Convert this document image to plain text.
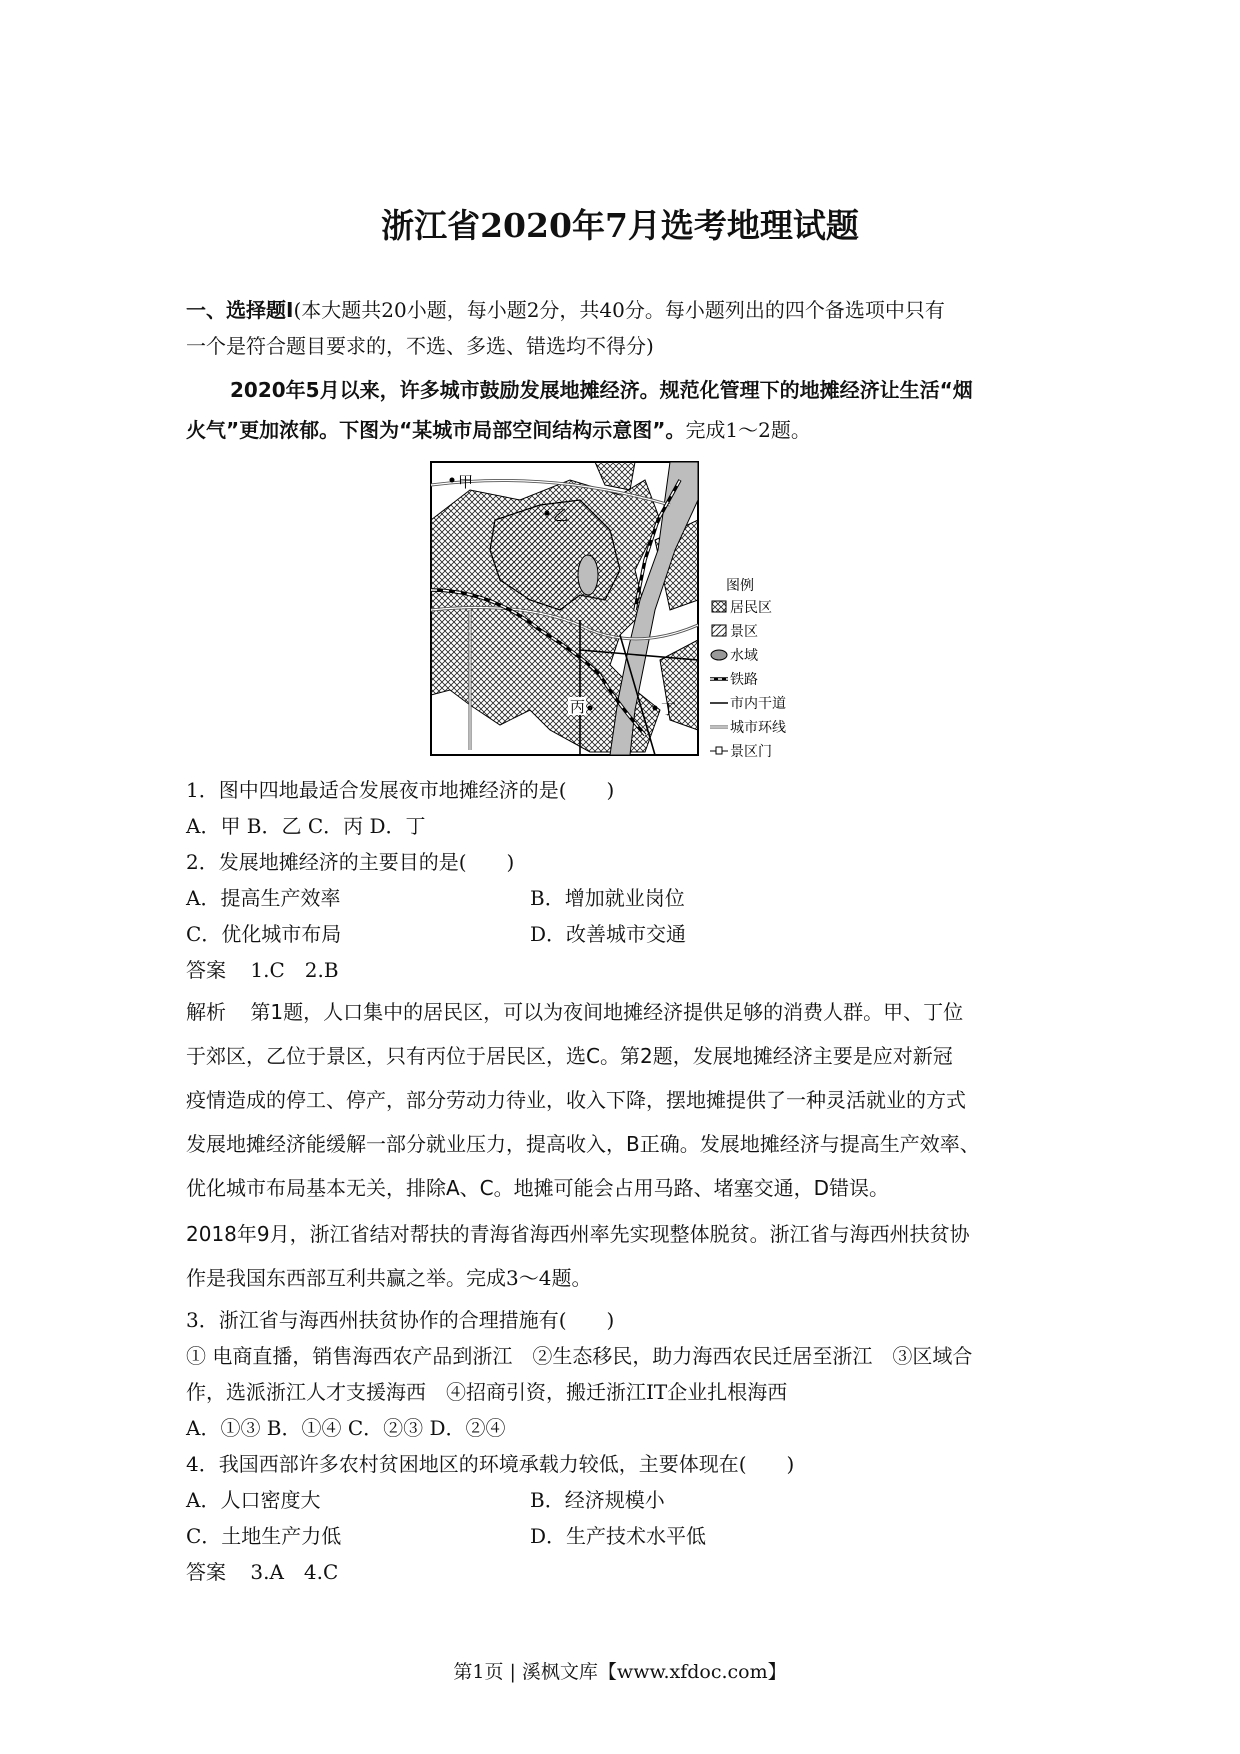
浙江省2020年7月选考地理试题
一、选择题Ⅰ(本大题共20小题，每小题2分，共40分。每小题列出的四个备选项中只有
一个是符合题目要求的，不选、多选、错选均不得分)
2020年5月以来，许多城市鼓励发展地摊经济。规范化管理下的地摊经济让生活“烟
火气”更加浓郁。下图为“某城市局部空间结构示意图”。完成1～2题。
甲
乙
丙	丁
图例
居民区
景区
水域
铁路
市内干道
城市环线
景区门
1．图中四地最适合发展夜市地摊经济的是(　　)
A．甲 B．乙 C．丙 D．丁
2．发展地摊经济的主要目的是(　　)
A．提高生产效率	B．增加就业岗位
C．优化城市布局	D．改善城市交通
答案 1.C　2.B
解析 第1题，人口集中的居民区，可以为夜间地摊经济提供足够的消费人群。甲、丁位
于郊区，乙位于景区，只有丙位于居民区，选C。第2题，发展地摊经济主要是应对新冠
疫情造成的停工、停产，部分劳动力待业，收入下降，摆地摊提供了一种灵活就业的方式
发展地摊经济能缓解一部分就业压力，提高收入，B正确。发展地摊经济与提高生产效率、
优化城市布局基本无关，排除A、C。地摊可能会占用马路、堵塞交通，D错误。
2018年9月，浙江省结对帮扶的青海省海西州率先实现整体脱贫。浙江省与海西州扶贫协
作是我国东西部互利共赢之举。完成3～4题。
3．浙江省与海西州扶贫协作的合理措施有(　　)
① 电商直播，销售海西农产品到浙江　②生态移民，助力海西农民迁居至浙江　③区域合
作，选派浙江人才支援海西　④招商引资，搬迁浙江IT企业扎根海西
A．①③ B．①④ C．②③ D．②④
4．我国西部许多农村贫困地区的环境承载力较低，主要体现在(　　)
A．人口密度大	B．经济规模小
C．土地生产力低	D．生产技术水平低
答案 3.A　4.C
第1页 | 溪枫文库【www.xfdoc.com】
